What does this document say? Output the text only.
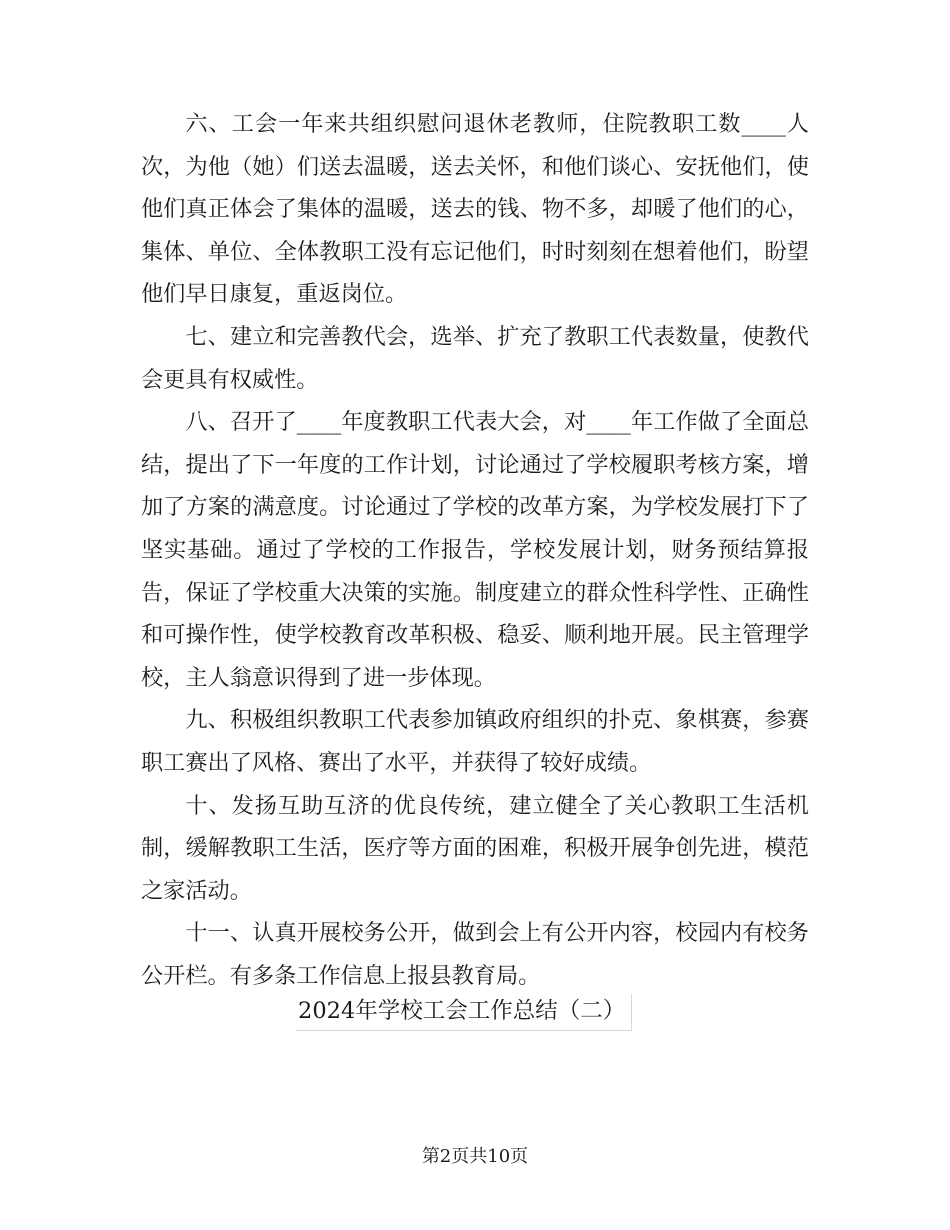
六、工会一年来共组织慰问退休老教师，住院教职工数____人次，为他（她）们送去温暖，送去关怀，和他们谈心、安抚他们，使他们真正体会了集体的温暖，送去的钱、物不多，却暖了他们的心，集体、单位、全体教职工没有忘记他们，时时刻刻在想着他们，盼望他们早日康复，重返岗位。

七、建立和完善教代会，选举、扩充了教职工代表数量，使教代会更具有权威性。

八、召开了____年度教职工代表大会，对____年工作做了全面总结，提出了下一年度的工作计划，讨论通过了学校履职考核方案，增加了方案的满意度。讨论通过了学校的改革方案，为学校发展打下了坚实基础。通过了学校的工作报告，学校发展计划，财务预结算报告，保证了学校重大决策的实施。制度建立的群众性科学性、正确性和可操作性，使学校教育改革积极、稳妥、顺利地开展。民主管理学校，主人翁意识得到了进一步体现。

九、积极组织教职工代表参加镇政府组织的扑克、象棋赛，参赛职工赛出了风格、赛出了水平，并获得了较好成绩。

十、发扬互助互济的优良传统，建立健全了关心教职工生活机制，缓解教职工生活，医疗等方面的困难，积极开展争创先进，模范之家活动。

十一、认真开展校务公开，做到会上有公开内容，校园内有校务公开栏。有多条工作信息上报县教育局。

2024年学校工会工作总结（二）
第2页共10页
